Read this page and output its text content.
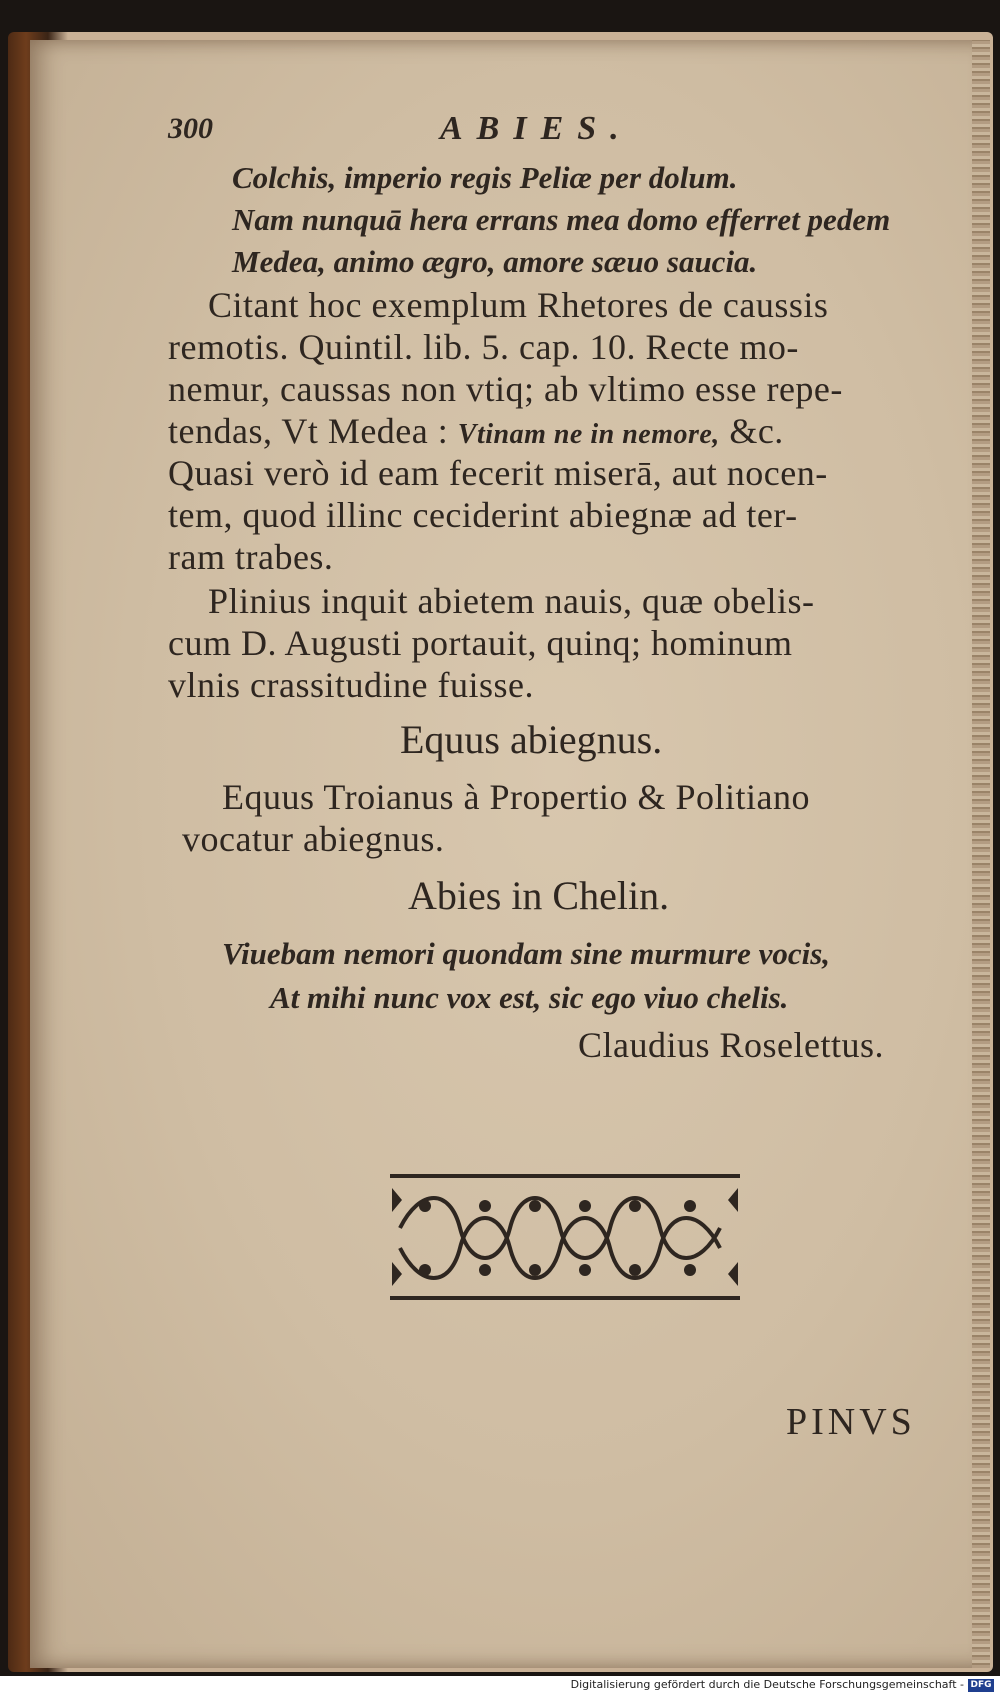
300	ABIES.
Colchis, imperio regis Peliæ per dolum.
Nam nunquā hera errans mea domo efferret pedem
Medea, animo ægro, amore sæuo saucia.
Citant hoc exemplum Rhetores de caussis
remotis. Quintil. lib. 5. cap. 10. Recte mo-
nemur, caussas non vtiq; ab vltimo esse repe-
tendas, Vt Medea : Vtinam ne in nemore, &c.
Quasi verò id eam fecerit miserā, aut nocen-
tem, quod illinc ceciderint abiegnæ ad ter-
ram trabes.
Plinius inquit abietem nauis, quæ obelis-
cum D. Augusti portauit, quinq; hominum
vlnis crassitudine fuisse.
Equus abiegnus.
Equus Troianus à Propertio & Politiano
vocatur abiegnus.
Abies in Chelin.
Viuebam nemori quondam sine murmure vocis,
At mihi nunc vox est, sic ego viuo chelis.
Claudius Roselettus.
PINVS
Digitalisierung gefördert durch die Deutsche Forschungsgemeinschaft - DFG
